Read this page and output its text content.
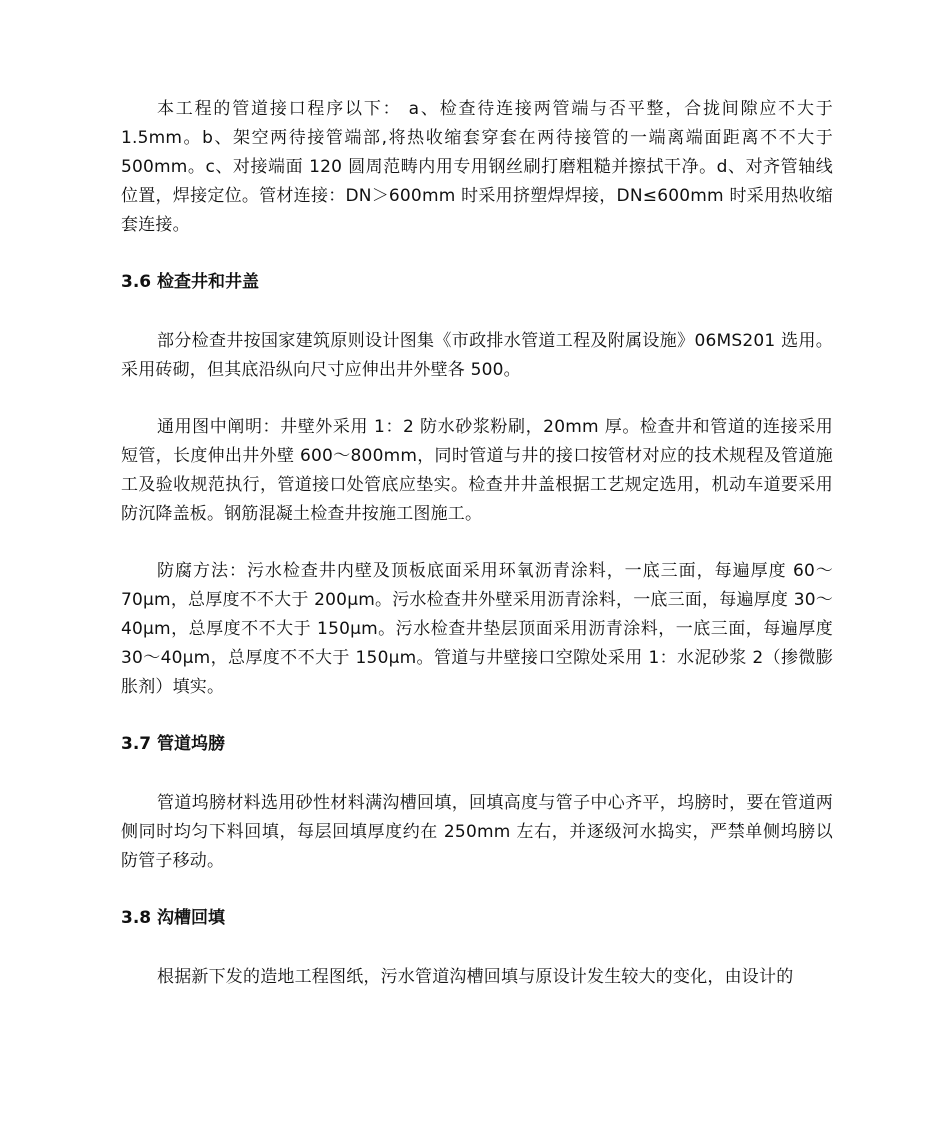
本工程的管道接口程序以下： a、检查待连接两管端与否平整，合拢间隙应不大于1.5mm。b、架空两待接管端部,将热收缩套穿套在两待接管的一端离端面距离不不大于500mm。c、对接端面 120 圆周范畴内用专用钢丝刷打磨粗糙并擦拭干净。d、对齐管轴线位置，焊接定位。管材连接：DN＞600mm 时采用挤塑焊焊接，DN≤600mm 时采用热收缩套连接。

3.6 检查井和井盖

部分检查井按国家建筑原则设计图集《市政排水管道工程及附属设施》06MS201 选用。采用砖砌，但其底沿纵向尺寸应伸出井外壁各 500。

通用图中阐明：井壁外采用 1：2 防水砂浆粉刷，20mm 厚。检查井和管道的连接采用短管，长度伸出井外壁 600～800mm，同时管道与井的接口按管材对应的技术规程及管道施工及验收规范执行，管道接口处管底应垫实。检查井井盖根据工艺规定选用，机动车道要采用防沉降盖板。钢筋混凝土检查井按施工图施工。

防腐方法：污水检查井内壁及顶板底面采用环氧沥青涂料，一底三面，每遍厚度 60～70μm，总厚度不不大于 200μm。污水检查井外壁采用沥青涂料，一底三面，每遍厚度 30～40μm，总厚度不不大于 150μm。污水检查井垫层顶面采用沥青涂料，一底三面，每遍厚度 30～40μm，总厚度不不大于 150μm。管道与井壁接口空隙处采用 1：水泥砂浆 2（掺微膨胀剂）填实。

3.7 管道坞膀

管道坞膀材料选用砂性材料满沟槽回填，回填高度与管子中心齐平，坞膀时，要在管道两侧同时均匀下料回填，每层回填厚度约在 250mm 左右，并逐级河水捣实，严禁单侧坞膀以防管子移动。

3.8 沟槽回填

根据新下发的造地工程图纸，污水管道沟槽回填与原设计发生较大的变化，由设计的
